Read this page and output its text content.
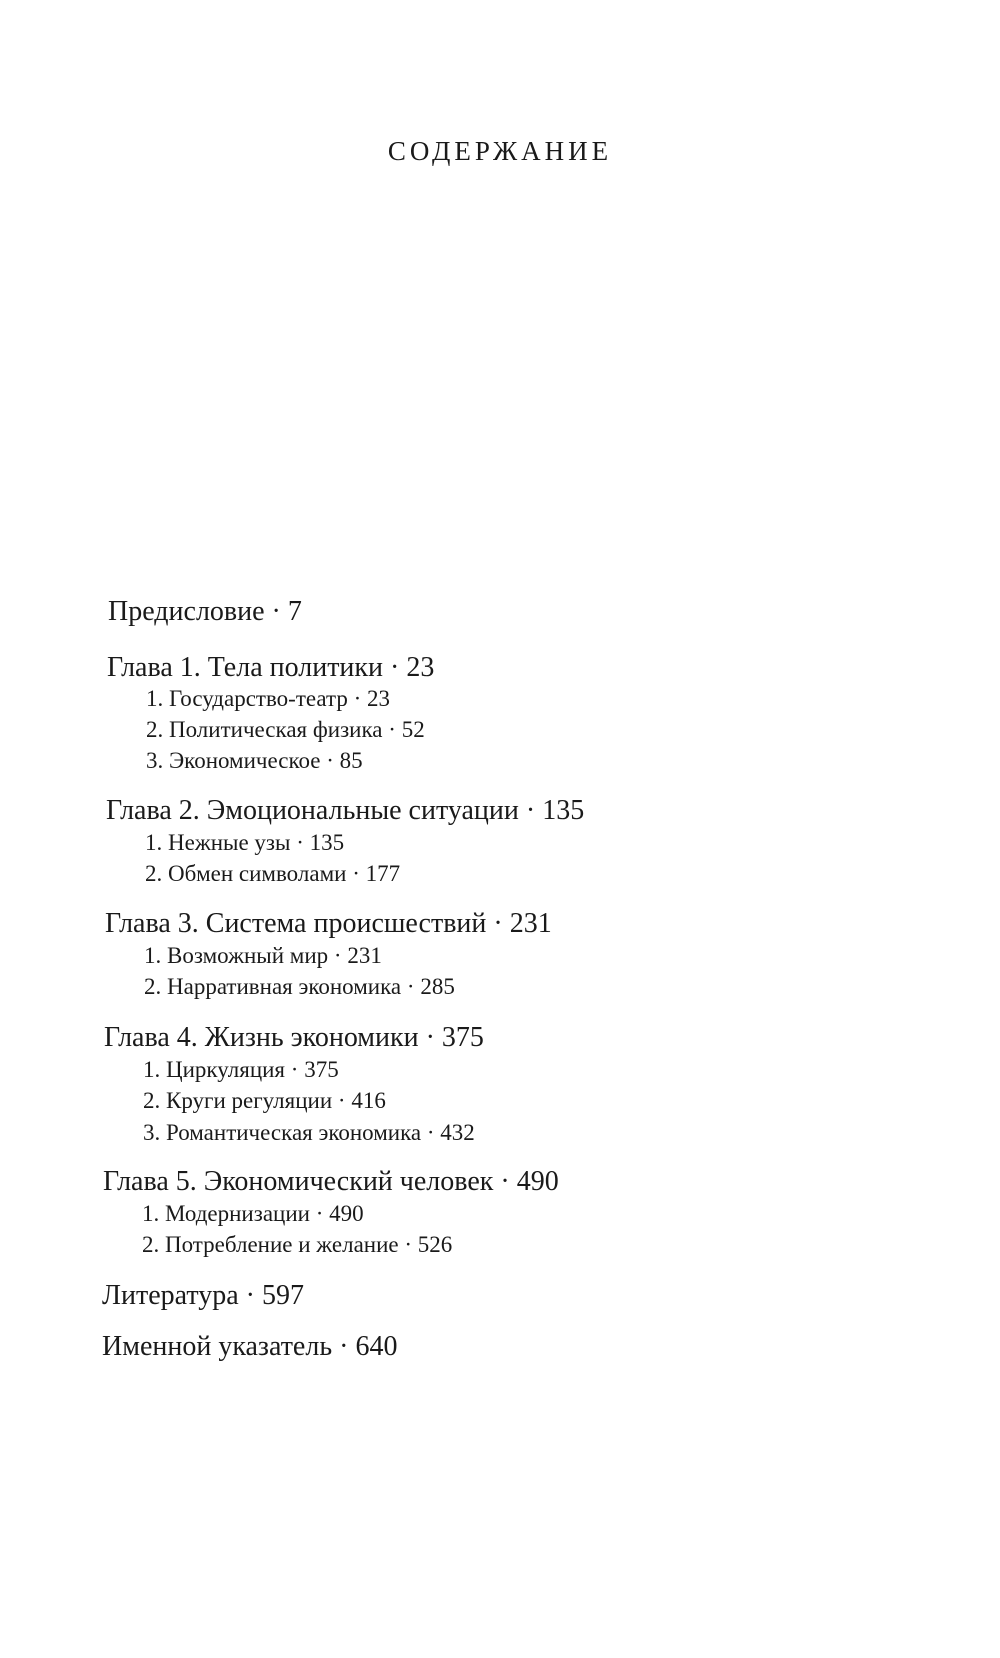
СОДЕРЖАНИЕ
Предисловие · 7
Глава 1. Тела политики · 23
1. Государство-театр · 23
2. Политическая физика · 52
3. Экономическое · 85
Глава 2. Эмоциональные ситуации · 135
1. Нежные узы · 135
2. Обмен символами · 177
Глава 3. Система происшествий · 231
1. Возможный мир · 231
2. Нарративная экономика · 285
Глава 4. Жизнь экономики · 375
1. Циркуляция · 375
2. Круги регуляции · 416
3. Романтическая экономика · 432
Глава 5. Экономический человек · 490
1. Модернизации · 490
2. Потребление и желание · 526
Литература · 597
Именной указатель · 640
